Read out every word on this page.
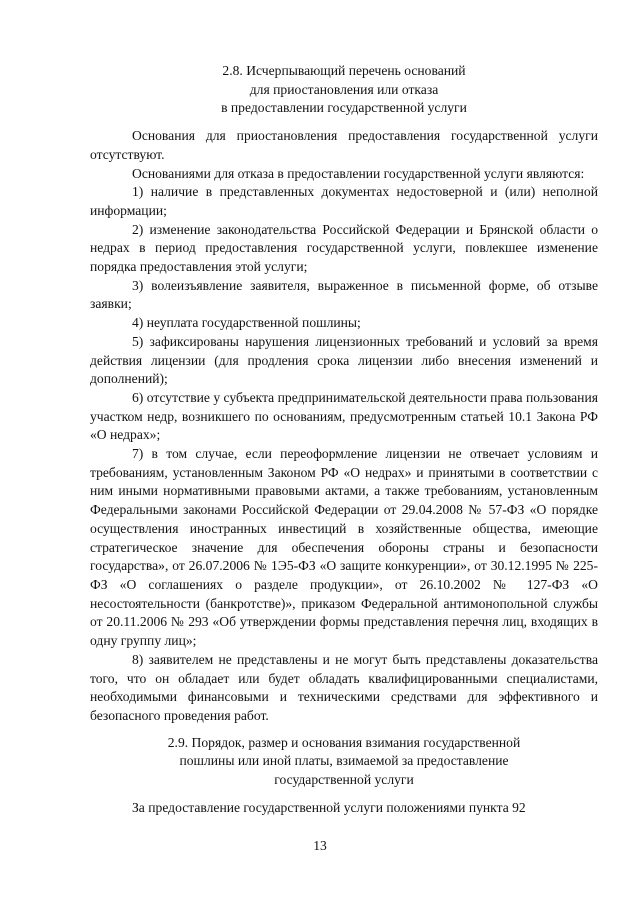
2.8. Исчерпывающий перечень оснований
для приостановления или отказа
в предоставлении государственной услуги

Основания для приостановления предоставления государственной услуги отсутствуют.

Основаниями для отказа в предоставлении государственной услуги являются:

1) наличие в представленных документах недостоверной и (или) неполной информации;

2) изменение законодательства Российской Федерации и Брянской области о недрах в период предоставления государственной услуги, повлекшее изменение порядка предоставления этой услуги;

3) волеизъявление заявителя, выраженное в письменной форме, об отзыве заявки;

4) неуплата государственной пошлины;

5) зафиксированы нарушения лицензионных требований и условий за время действия лицензии (для продления срока лицензии либо внесения изменений и дополнений);

6) отсутствие у субъекта предпринимательской деятельности права пользования участком недр, возникшего по основаниям, предусмотренным статьей 10.1 Закона РФ «О недрах»;

7) в том случае, если переоформление лицензии не отвечает условиям и требованиям, установленным Законом РФ «О недрах» и принятыми в соответствии с ним иными нормативными правовыми актами, а также требованиям, установленным Федеральными законами Российской Федерации от 29.04.2008 № 57-ФЗ «О порядке осуществления иностранных инвестиций в хозяйственные общества, имеющие стратегическое значение для обеспечения обороны страны и безопасности государства», от 26.07.2006 № 1Э5-ФЗ «О защите конкуренции», от 30.12.1995 № 225-ФЗ «О соглашениях о разделе продукции», от 26.10.2002 № 127-ФЗ «О несостоятельности (банкротстве)», приказом Федеральной антимонопольной службы от 20.11.2006 № 293 «Об утверждении формы представления перечня лиц, входящих в одну группу лиц»;

8) заявителем не представлены и не могут быть представлены доказательства того, что он обладает или будет обладать квалифицированными специалистами, необходимыми финансовыми и техническими средствами для эффективного и безопасного проведения работ.

2.9. Порядок, размер и основания взимания государственной
пошлины или иной платы, взимаемой за предоставление
государственной услуги

За предоставление государственной услуги положениями пункта 92

13
